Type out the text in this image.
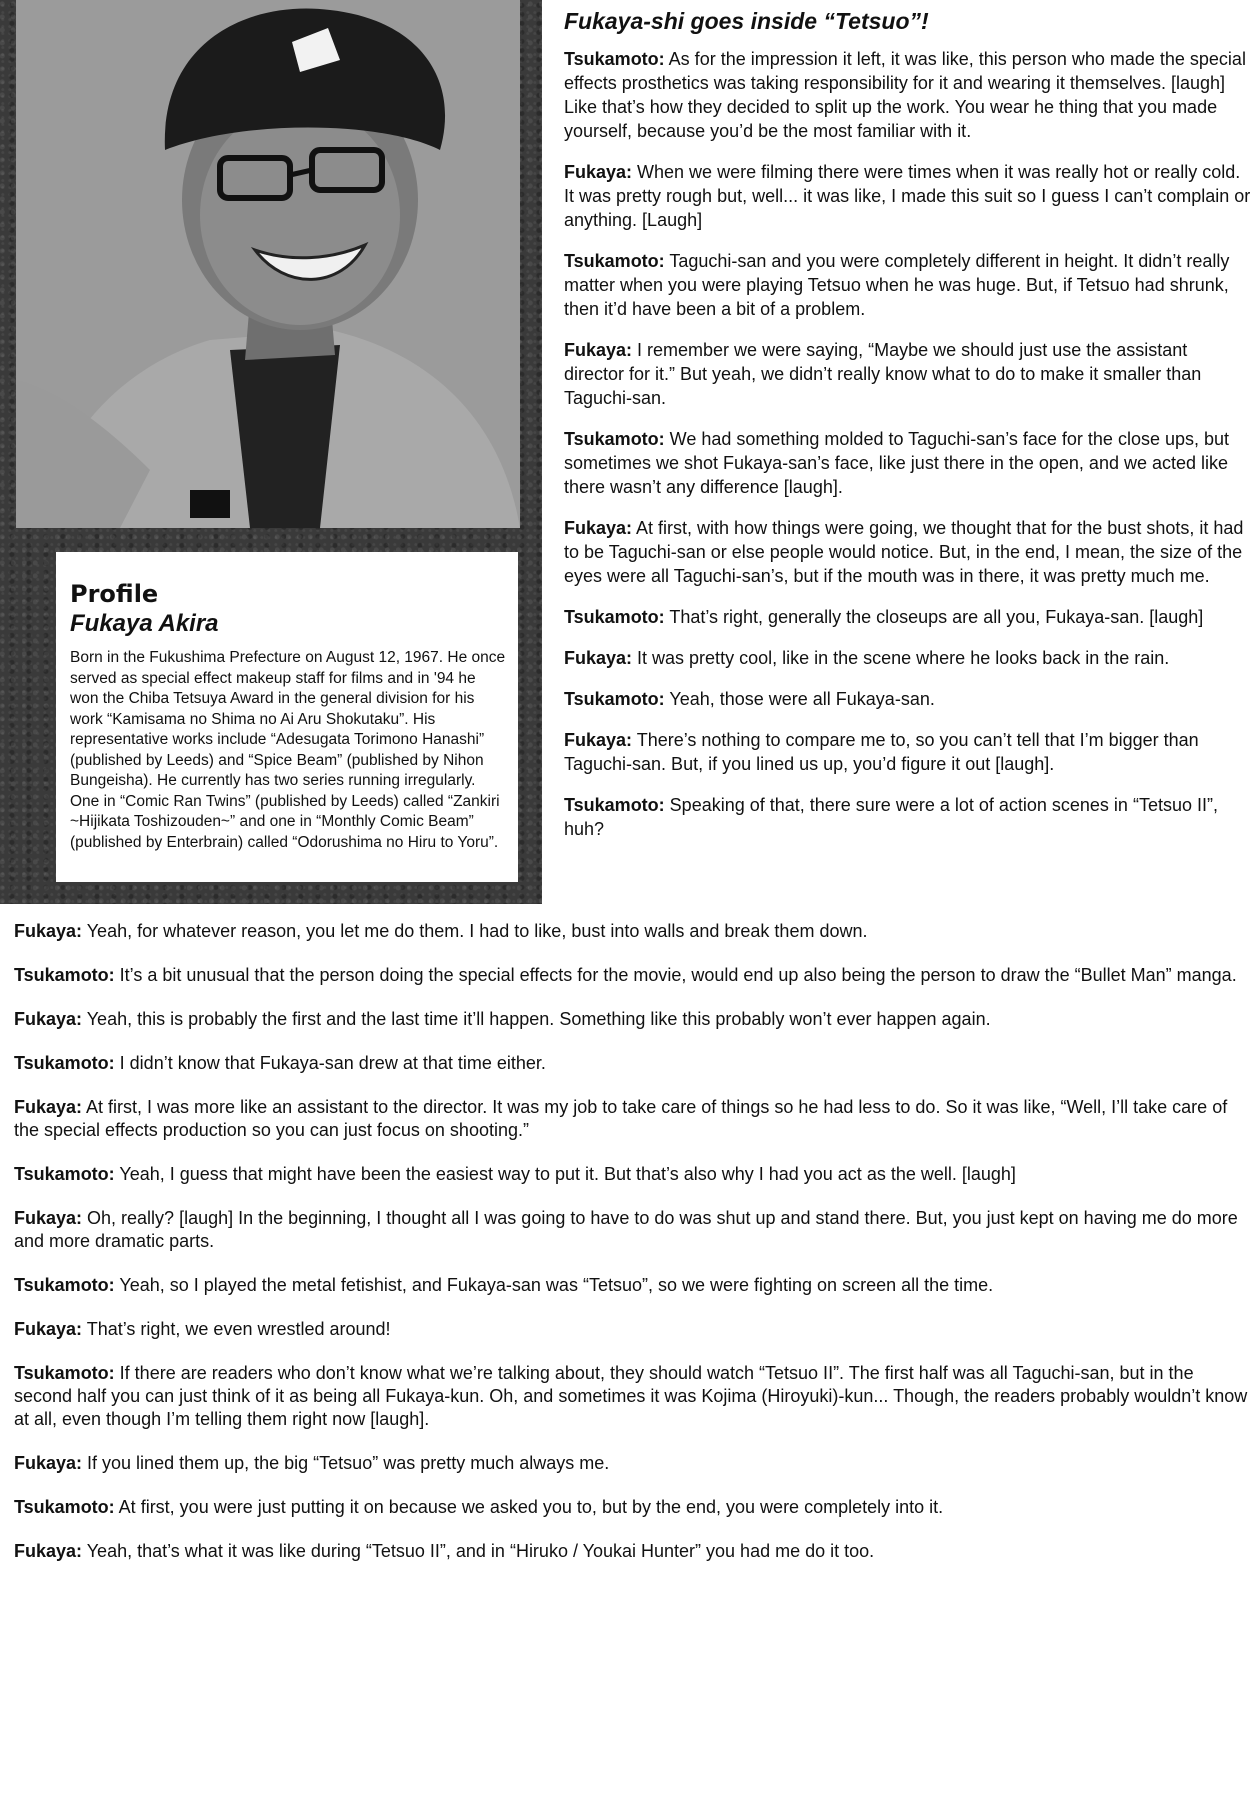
Profile
Fukaya Akira

Born in the Fukushima Prefecture on August 12, 1967. He once served as special effect makeup staff for films and in '94 he won the Chiba Tetsuya Award in the general division for his work “Kamisama no Shima no Ai Aru Shokutaku”. His representative works include “Adesugata Torimono Hanashi” (published by Leeds) and “Spice Beam” (published by Nihon Bungeisha). He currently has two series running irregularly. One in “Comic Ran Twins” (published by Leeds) called “Zankiri ~Hijikata Toshizouden~” and one in “Monthly Comic Beam” (published by Enterbrain) called “Odorushima no Hiru to Yoru”.

Fukaya-shi goes inside “Tetsuo”!

Tsukamoto: As for the impression it left, it was like, this person who made the special effects prosthetics was taking responsibility for it and wearing it themselves. [laugh] Like that’s how they decided to split up the work. You wear he thing that you made yourself, because you’d be the most familiar with it.

Fukaya: When we were filming there were times when it was really hot or really cold. It was pretty rough but, well... it was like, I made this suit so I guess I can’t complain or anything. [Laugh]

Tsukamoto: Taguchi-san and you were completely different in height. It didn’t really matter when you were playing Tetsuo when he was huge. But, if Tetsuo had shrunk, then it’d have been a bit of a problem.

Fukaya: I remember we were saying, “Maybe we should just use the assistant director for it.” But yeah, we didn’t really know what to do to make it smaller than Taguchi-san.

Tsukamoto: We had something molded to Taguchi-san’s face for the close ups, but sometimes we shot Fukaya-san’s face, like just there in the open, and we acted like there wasn’t any difference [laugh].

Fukaya: At first, with how things were going, we thought that for the bust shots, it had to be Taguchi-san or else people would notice. But, in the end, I mean, the size of the eyes were all Taguchi-san’s, but if the mouth was in there, it was pretty much me.

Tsukamoto: That’s right, generally the closeups are all you, Fukaya-san. [laugh]

Fukaya: It was pretty cool, like in the scene where he looks back in the rain.

Tsukamoto: Yeah, those were all Fukaya-san.

Fukaya: There’s nothing to compare me to, so you can’t tell that I’m bigger than Taguchi-san. But, if you lined us up, you’d figure it out [laugh].

Tsukamoto: Speaking of that, there sure were a lot of action scenes in “Tetsuo II”, huh?

Fukaya: Yeah, for whatever reason, you let me do them. I had to like, bust into walls and break them down.

Tsukamoto: It’s a bit unusual that the person doing the special effects for the movie, would end up also being the person to draw the “Bullet Man” manga.

Fukaya: Yeah, this is probably the first and the last time it’ll happen. Something like this probably won’t ever happen again.

Tsukamoto: I didn’t know that Fukaya-san drew at that time either.

Fukaya: At first, I was more like an assistant to the director. It was my job to take care of things so he had less to do. So it was like, “Well, I’ll take care of the special effects production so you can just focus on shooting.”

Tsukamoto: Yeah, I guess that might have been the easiest way to put it. But that’s also why I had you act as the well. [laugh]

Fukaya: Oh, really? [laugh] In the beginning, I thought all I was going to have to do was shut up and stand there. But, you just kept on having me do more and more dramatic parts.

Tsukamoto: Yeah, so I played the metal fetishist, and Fukaya-san was “Tetsuo”, so we were fighting on screen all the time.

Fukaya: That’s right, we even wrestled around!

Tsukamoto: If there are readers who don’t know what we’re talking about, they should watch “Tetsuo II”. The first half was all Taguchi-san, but in the second half you can just think of it as being all Fukaya-kun. Oh, and sometimes it was Kojima (Hiroyuki)-kun... Though, the readers probably wouldn’t know at all, even though I’m telling them right now [laugh].

Fukaya: If you lined them up, the big “Tetsuo” was pretty much always me.

Tsukamoto: At first, you were just putting it on because we asked you to, but by the end, you were completely into it.

Fukaya: Yeah, that’s what it was like during “Tetsuo II”, and in “Hiruko / Youkai Hunter” you had me do it too.
